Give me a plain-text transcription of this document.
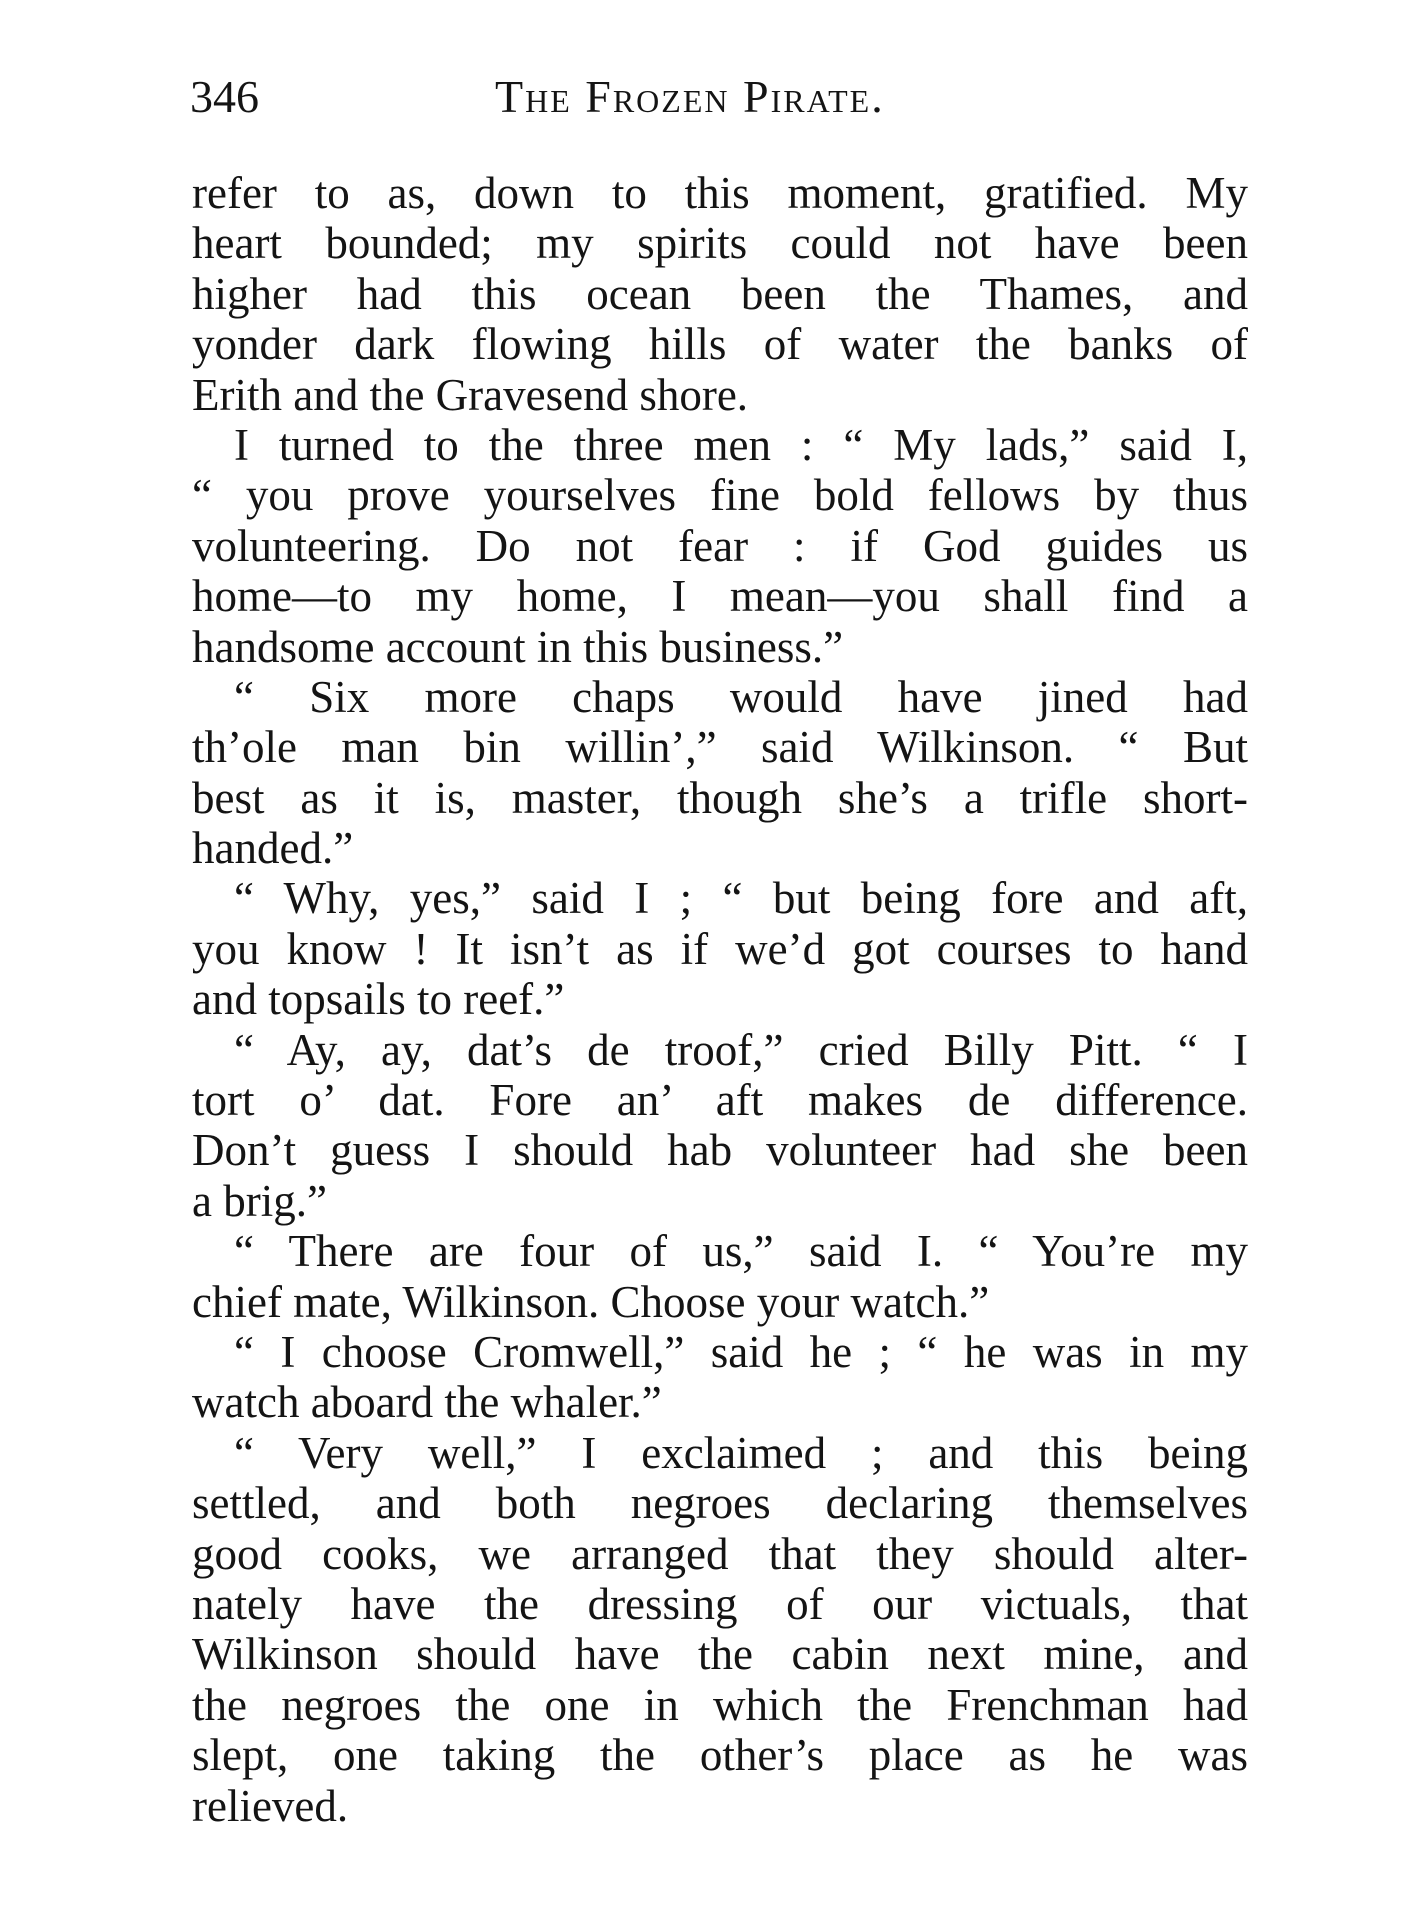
346	The Frozen Pirate.
refer to as, down to this moment, gratified. My
heart bounded; my spirits could not have been
higher had this ocean been the Thames, and
yonder dark flowing hills of water the banks of
Erith and the Gravesend shore.
I turned to the three men : “ My lads,” said I,
“ you prove yourselves fine bold fellows by thus
volunteering. Do not fear : if God guides us
home—to my home, I mean—you shall find a
handsome account in this business.”
“ Six more chaps would have jined had
th’ole man bin willin’,” said Wilkinson. “ But
best as it is, master, though she’s a trifle short-
handed.”
“ Why, yes,” said I ; “ but being fore and aft,
you know ! It isn’t as if we’d got courses to hand
and topsails to reef.”
“ Ay, ay, dat’s de troof,” cried Billy Pitt. “ I
tort o’ dat. Fore an’ aft makes de difference.
Don’t guess I should hab volunteer had she been
a brig.”
“ There are four of us,” said I. “ You’re my
chief mate, Wilkinson. Choose your watch.”
“ I choose Cromwell,” said he ; “ he was in my
watch aboard the whaler.”
“ Very well,” I exclaimed ; and this being
settled, and both negroes declaring themselves
good cooks, we arranged that they should alter-
nately have the dressing of our victuals, that
Wilkinson should have the cabin next mine, and
the negroes the one in which the Frenchman had
slept, one taking the other’s place as he was
relieved.
